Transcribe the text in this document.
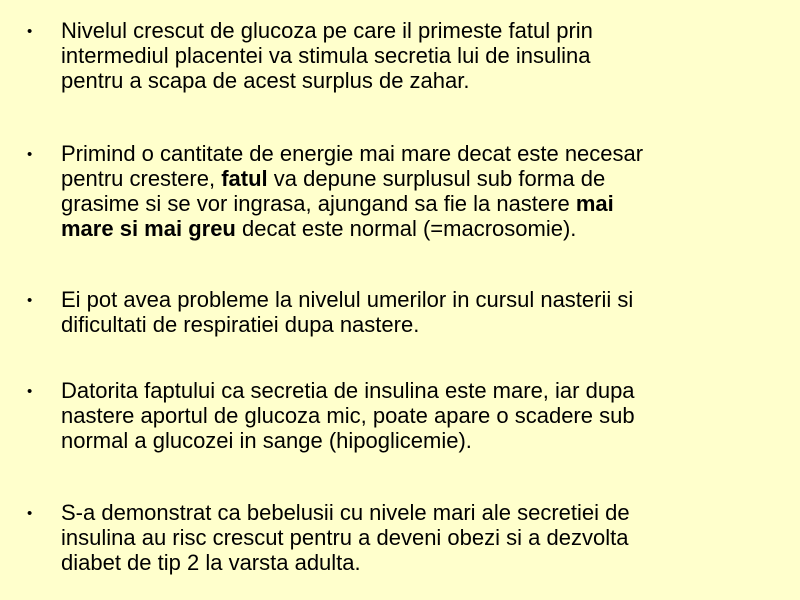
• Nivelul crescut de glucoza pe care il primeste fatul prin
intermediul placentei va stimula secretia lui de insulina
pentru a scapa de acest surplus de zahar.
• Primind o cantitate de energie mai mare decat este necesar
pentru crestere, fatul va depune surplusul sub forma de
grasime si se vor ingrasa, ajungand sa fie la nastere mai
mare si mai greu decat este normal (=macrosomie).
• Ei pot avea probleme la nivelul umerilor in cursul nasterii si
dificultati de respiratiei dupa nastere.
• Datorita faptului ca secretia de insulina este mare, iar dupa
nastere aportul de glucoza mic, poate apare o scadere sub
normal a glucozei in sange (hipoglicemie).
• S-a demonstrat ca bebelusii cu nivele mari ale secretiei de
insulina au risc crescut pentru a deveni obezi si a dezvolta
diabet de tip 2 la varsta adulta.
